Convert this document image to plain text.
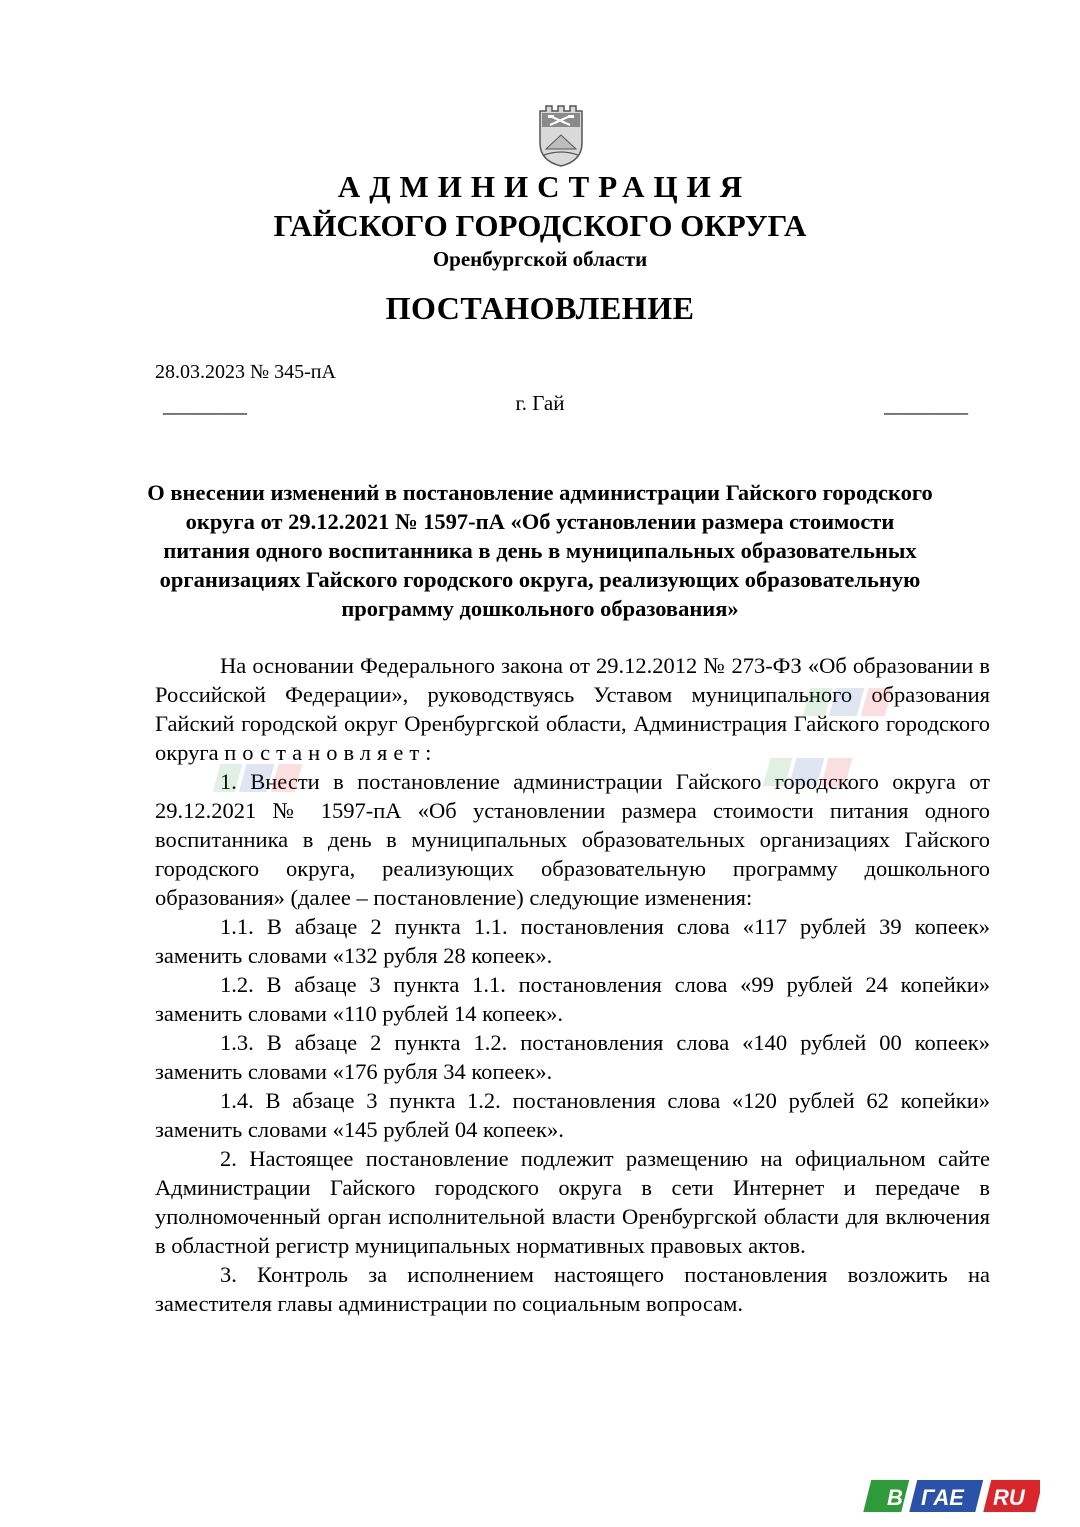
АДМИНИСТРАЦИЯ
ГАЙСКОГО ГОРОДСКОГО ОКРУГА
Оренбургской области
ПОСТАНОВЛЕНИЕ
28.03.2023 № 345-пА
________	г. Гай	________
О внесении изменений в постановление администрации Гайского городского округа от 29.12.2021 № 1597-пА «Об установлении размера стоимости питания одного воспитанника в день в муниципальных образовательных организациях Гайского городского округа, реализующих образовательную программу дошкольного образования»

На основании Федерального закона от 29.12.2012 № 273-ФЗ «Об образовании в Российской Федерации», руководствуясь Уставом муниципального образования Гайский городской округ Оренбургской области, Администрация Гайского городского округа постановляет:

1. Внести в постановление администрации Гайского городского округа от 29.12.2021 № 1597-пА «Об установлении размера стоимости питания одного воспитанника в день в муниципальных образовательных организациях Гайского городского округа, реализующих образовательную программу дошкольного образования» (далее – постановление) следующие изменения:

1.1. В абзаце 2 пункта 1.1. постановления слова «117 рублей 39 копеек» заменить словами «132 рубля 28 копеек».

1.2. В абзаце 3 пункта 1.1. постановления слова «99 рублей 24 копейки» заменить словами «110 рублей 14 копеек».

1.3. В абзаце 2 пункта 1.2. постановления слова «140 рублей 00 копеек» заменить словами «176 рубля 34 копеек».

1.4. В абзаце 3 пункта 1.2. постановления слова «120 рублей 62 копейки» заменить словами «145 рублей 04 копеек».

2. Настоящее постановление подлежит размещению на официальном сайте Администрации Гайского городского округа в сети Интернет и передаче в уполномоченный орган исполнительной власти Оренбургской области для включения в областной регистр муниципальных нормативных правовых актов.

3. Контроль за исполнением настоящего постановления возложить на заместителя главы администрации по социальным вопросам.

В ГАЕ RU
